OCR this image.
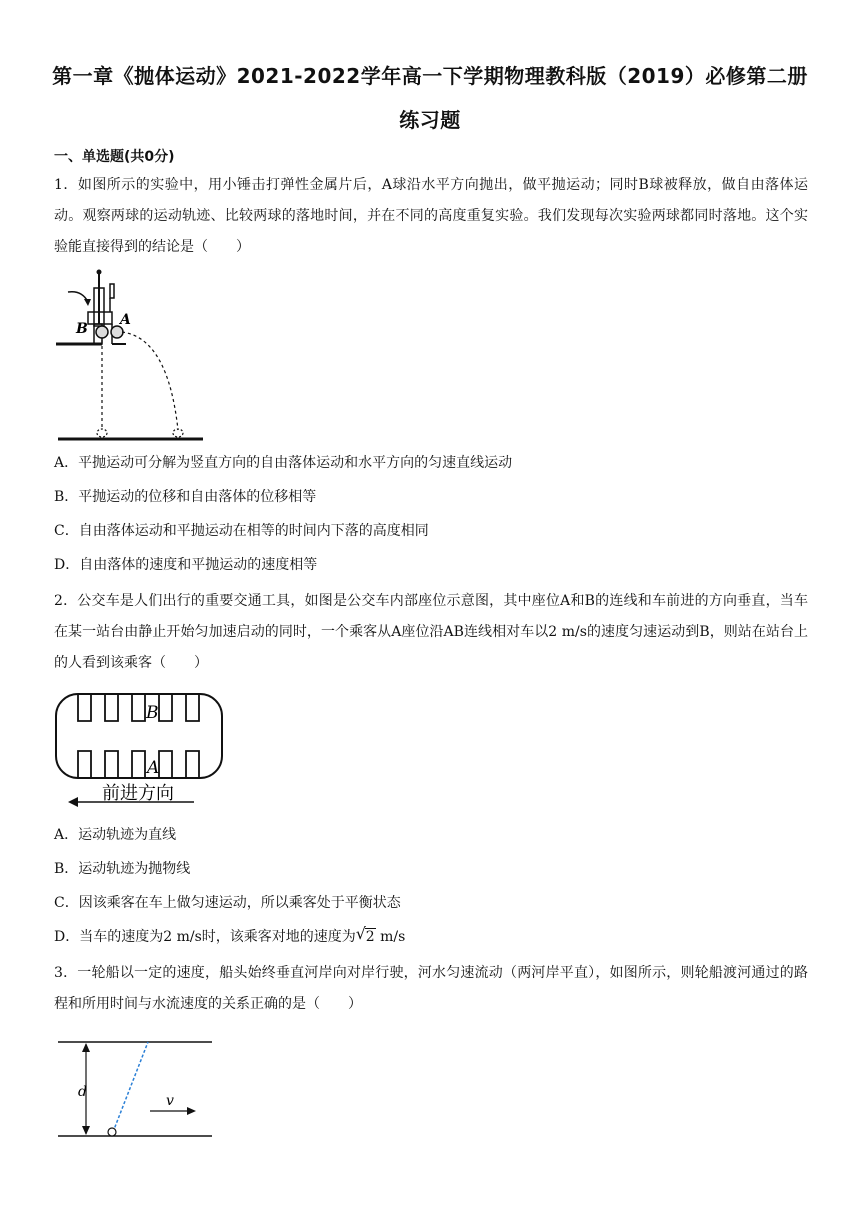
第一章《抛体运动》2021-2022学年高一下学期物理教科版（2019）必修第二册
练习题
一、单选题(共0分)
1．如图所示的实验中，用小锤击打弹性金属片后，A球沿水平方向抛出，做平抛运动；同时B球被释放，做自由落体运动。观察两球的运动轨迹、比较两球的落地时间，并在不同的高度重复实验。我们发现每次实验两球都同时落地。这个实验能直接得到的结论是（　　）
B
A
A．平抛运动可分解为竖直方向的自由落体运动和水平方向的匀速直线运动
B．平抛运动的位移和自由落体的位移相等
C．自由落体运动和平抛运动在相等的时间内下落的高度相同
D．自由落体的速度和平抛运动的速度相等
2．公交车是人们出行的重要交通工具，如图是公交车内部座位示意图，其中座位A和B的连线和车前进的方向垂直，当车在某一站台由静止开始匀加速启动的同时，一个乘客从A座位沿AB连线相对车以2 m/s的速度匀速运动到B，则站在站台上的人看到该乘客（　　）
B
A
前进方向
A．运动轨迹为直线
B．运动轨迹为抛物线
C．因该乘客在车上做匀速运动，所以乘客处于平衡状态
D．当车的速度为2 m/s时，该乘客对地的速度为 √ 2 m/s
3．一轮船以一定的速度，船头始终垂直河岸向对岸行驶，河水匀速流动（两河岸平直），如图所示，则轮船渡河通过的路程和所用时间与水流速度的关系正确的是（　　）
d
v
